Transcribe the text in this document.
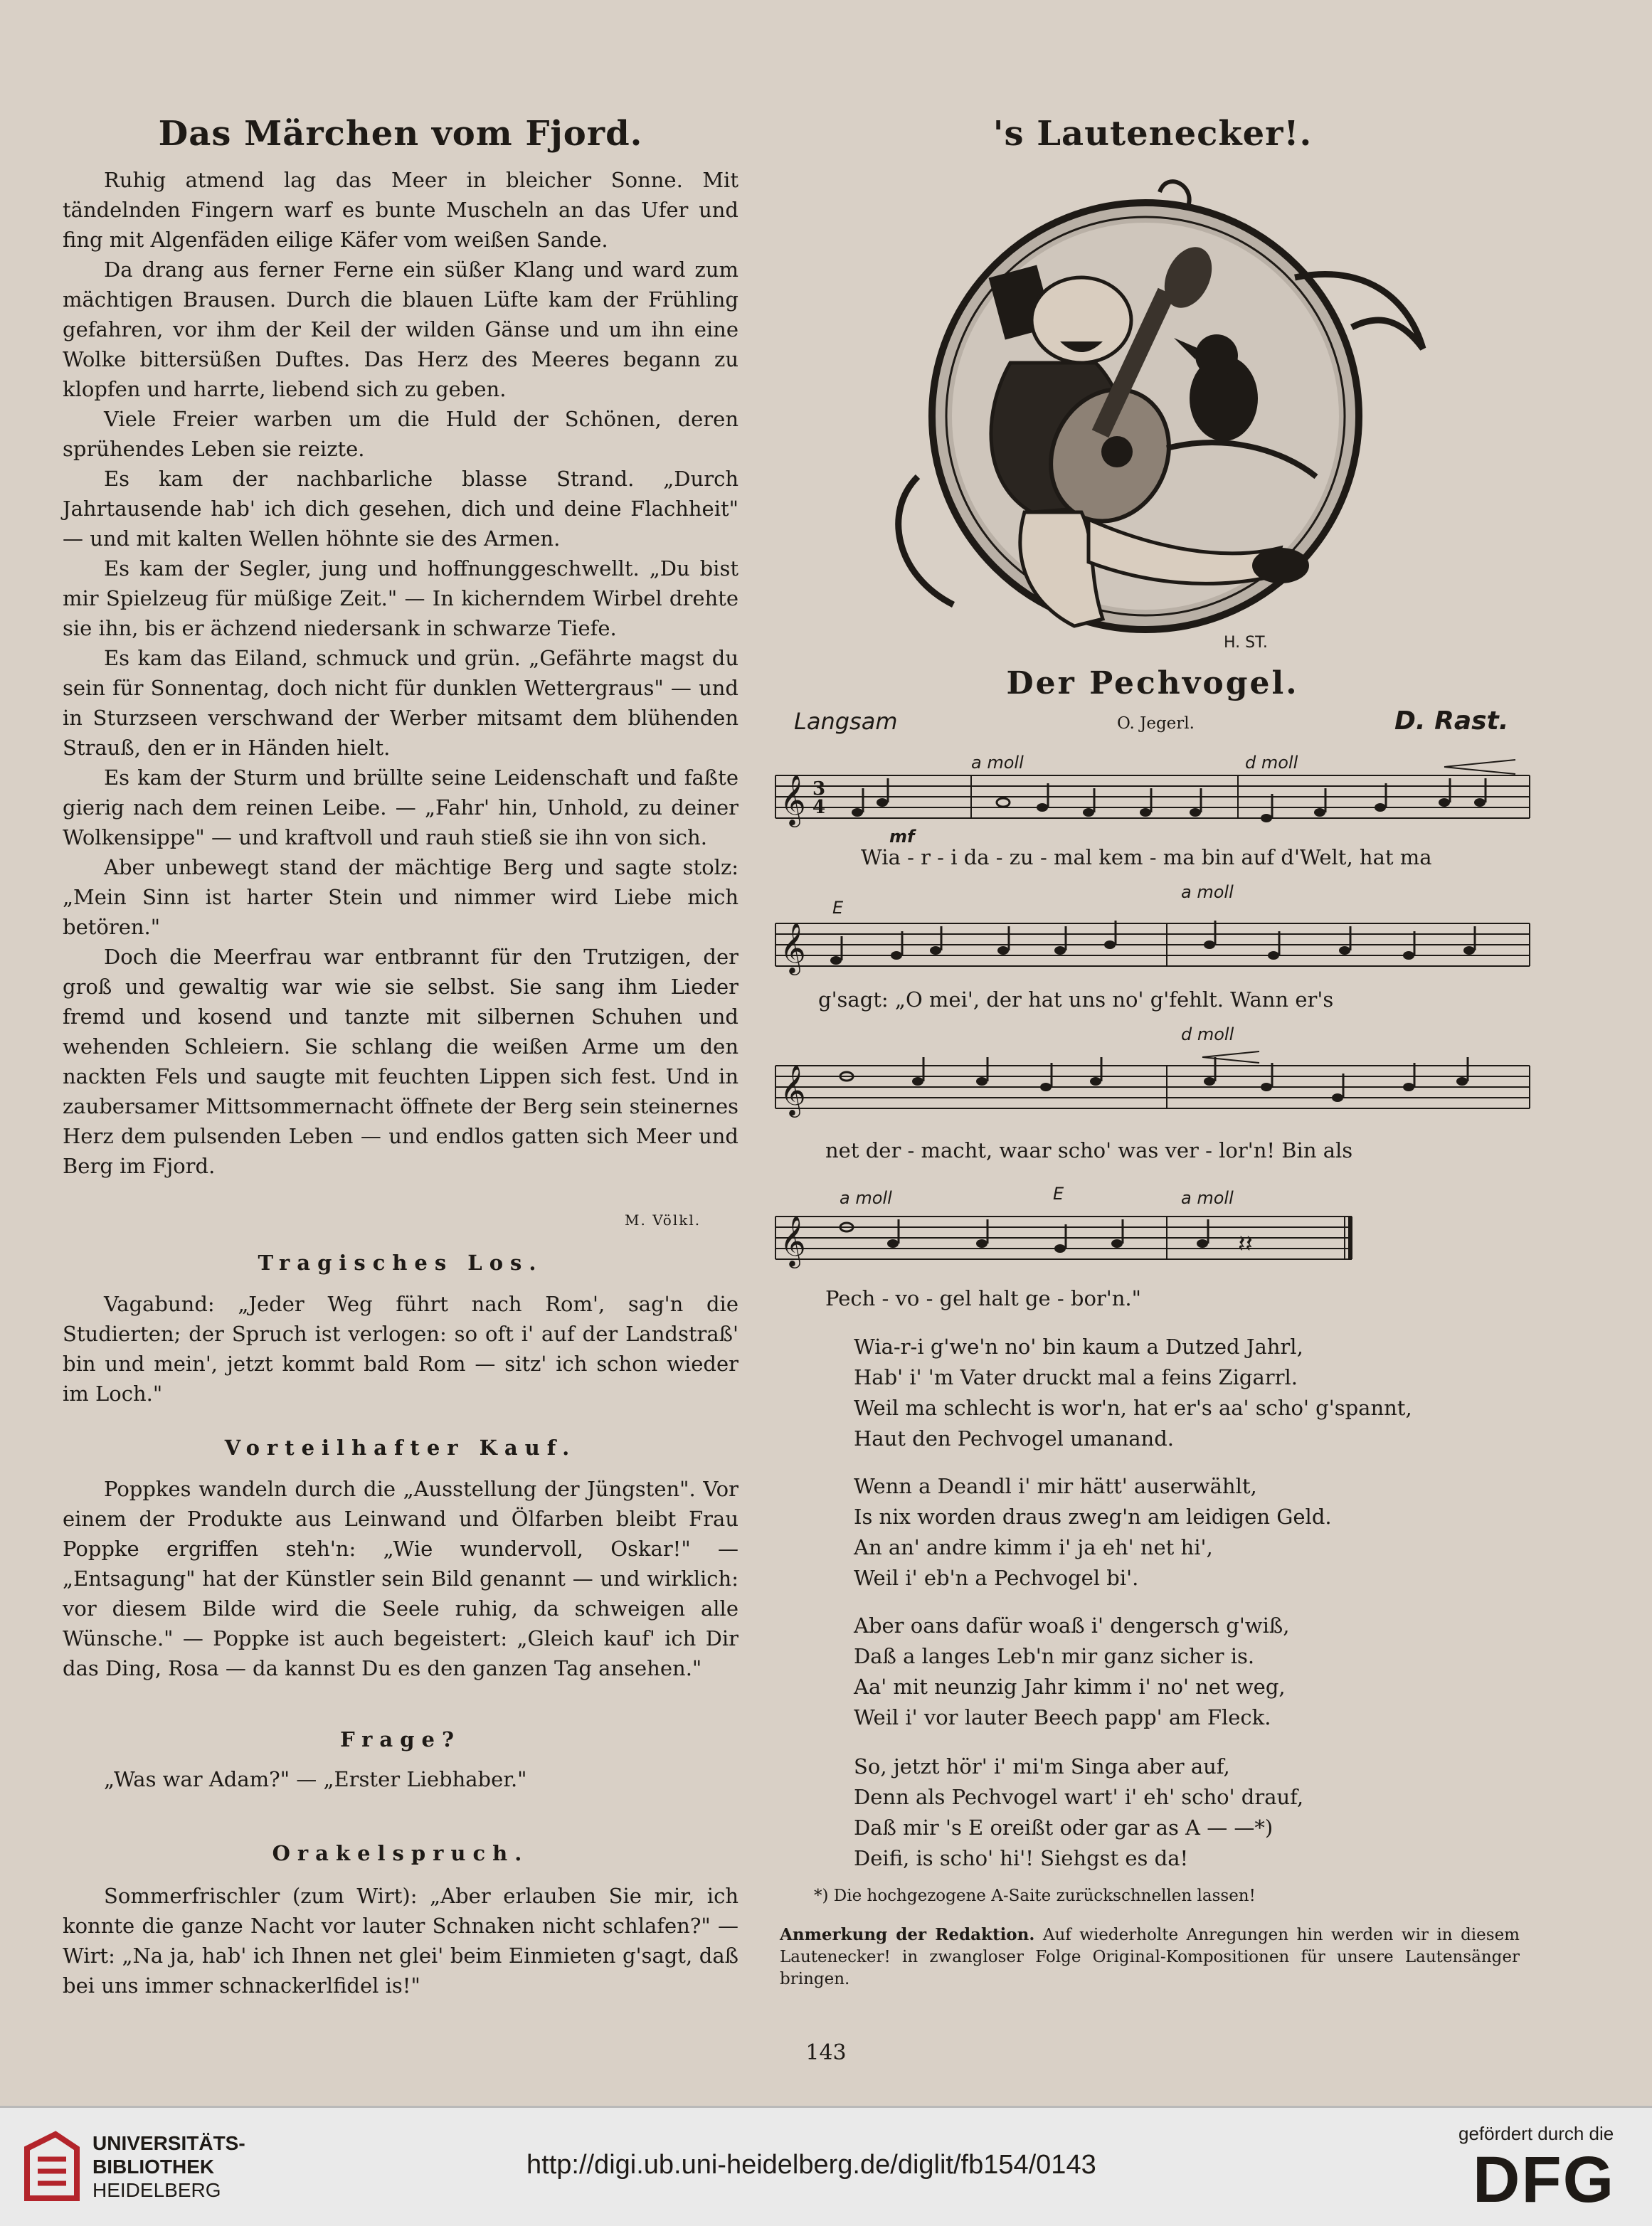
Das Märchen vom Fjord.

Ruhig atmend lag das Meer in bleicher Sonne. Mit tändelnden Fingern warf es bunte Muscheln an das Ufer und fing mit Algenfäden eilige Käfer vom weißen Sande.

Da drang aus ferner Ferne ein süßer Klang und ward zum mächtigen Brausen. Durch die blauen Lüfte kam der Frühling gefahren, vor ihm der Keil der wilden Gänse und um ihn eine Wolke bittersüßen Duftes. Das Herz des Meeres begann zu klopfen und harrte, liebend sich zu geben.

Viele Freier warben um die Huld der Schönen, deren sprühendes Leben sie reizte.

Es kam der nachbarliche blasse Strand. „Durch Jahrtausende hab' ich dich gesehen, dich und deine Flachheit" — und mit kalten Wellen höhnte sie des Armen.

Es kam der Segler, jung und hoffnunggeschwellt. „Du bist mir Spielzeug für müßige Zeit." — In kicherndem Wirbel drehte sie ihn, bis er ächzend niedersank in schwarze Tiefe.

Es kam das Eiland, schmuck und grün. „Gefährte magst du sein für Sonnentag, doch nicht für dunklen Wettergraus" — und in Sturzseen verschwand der Werber mitsamt dem blühenden Strauß, den er in Händen hielt.

Es kam der Sturm und brüllte seine Leidenschaft und faßte gierig nach dem reinen Leibe. — „Fahr' hin, Unhold, zu deiner Wolkensippe" — und kraftvoll und rauh stieß sie ihn von sich.

Aber unbewegt stand der mächtige Berg und sagte stolz: „Mein Sinn ist harter Stein und nimmer wird Liebe mich betören."

Doch die Meerfrau war entbrannt für den Trutzigen, der groß und gewaltig war wie sie selbst. Sie sang ihm Lieder fremd und kosend und tanzte mit silbernen Schuhen und wehenden Schleiern. Sie schlang die weißen Arme um den nackten Fels und saugte mit feuchten Lippen sich fest. Und in zaubersamer Mittsommernacht öffnete der Berg sein steinernes Herz dem pulsenden Leben — und endlos gatten sich Meer und Berg im Fjord.

M. Völkl.
Tragisches Los.

Vagabund: „Jeder Weg führt nach Rom', sag'n die Studierten; der Spruch ist verlogen: so oft i' auf der Landstraß' bin und mein', jetzt kommt bald Rom — sitz' ich schon wieder im Loch."

Vorteilhafter Kauf.

Poppkes wandeln durch die „Ausstellung der Jüngsten". Vor einem der Produkte aus Leinwand und Ölfarben bleibt Frau Poppke ergriffen steh'n: „Wie wundervoll, Oskar!" — „Entsagung" hat der Künstler sein Bild genannt — und wirklich: vor diesem Bilde wird die Seele ruhig, da schweigen alle Wünsche." — Poppke ist auch begeistert: „Gleich kauf' ich Dir das Ding, Rosa — da kannst Du es den ganzen Tag ansehen."

Frage?

„Was war Adam?" — „Erster Liebhaber."

Orakelspruch.

Sommerfrischler (zum Wirt): „Aber erlauben Sie mir, ich konnte die ganze Nacht vor lauter Schnaken nicht schlafen?" — Wirt: „Na ja, hab' ich Ihnen net glei' beim Einmieten g'sagt, daß bei uns immer schnackerlfidel is!"

's Lautenecker!.
H. ST.
Der Pechvogel.
Langsam	O. Jegerl.	D. Rast.
𝄞 3
4
a moll	d moll
mf
Wia - r - i da - zu - mal kem - ma bin auf d'Welt, hat ma
𝄞
E
a moll
g'sagt: „O mei', der hat uns no' g'fehlt. Wann er's
𝄞
d moll
net der - macht, waar scho' was ver - lor'n! Bin als
𝄞	𝄽𝄽
a moll	E	a moll
Pech - vo - gel halt ge - bor'n."
Wia-r-i g'we'n no' bin kaum a Dutzed Jahrl,
Hab' i' 'm Vater druckt mal a feins Zigarrl.
Weil ma schlecht is wor'n, hat er's aa' scho' g'spannt,
Haut den Pechvogel umanand.
Wenn a Deandl i' mir hätt' auserwählt,
Is nix worden draus zweg'n am leidigen Geld.
An an' andre kimm i' ja eh' net hi',
Weil i' eb'n a Pechvogel bi'.
Aber oans dafür woaß i' dengersch g'wiß,
Daß a langes Leb'n mir ganz sicher is.
Aa' mit neunzig Jahr kimm i' no' net weg,
Weil i' vor lauter Beech papp' am Fleck.
So, jetzt hör' i' mi'm Singa aber auf,
Denn als Pechvogel wart' i' eh' scho' drauf,
Daß mir 's E oreißt oder gar as A — —*)
Deifi, is scho' hi'! Siehgst es da!
*) Die hochgezogene A-Saite zurückschnellen lassen!
Anmerkung der Redaktion. Auf wiederholte Anregungen hin werden wir in diesem Lautenecker! in zwangloser Folge Original-Kompositionen für unsere Lautensänger bringen.
143
UNIVERSITÄTS-
BIBLIOTHEK
HEIDELBERG
http://digi.ub.uni-heidelberg.de/diglit/fb154/0143
gefördert durch die
DFG
